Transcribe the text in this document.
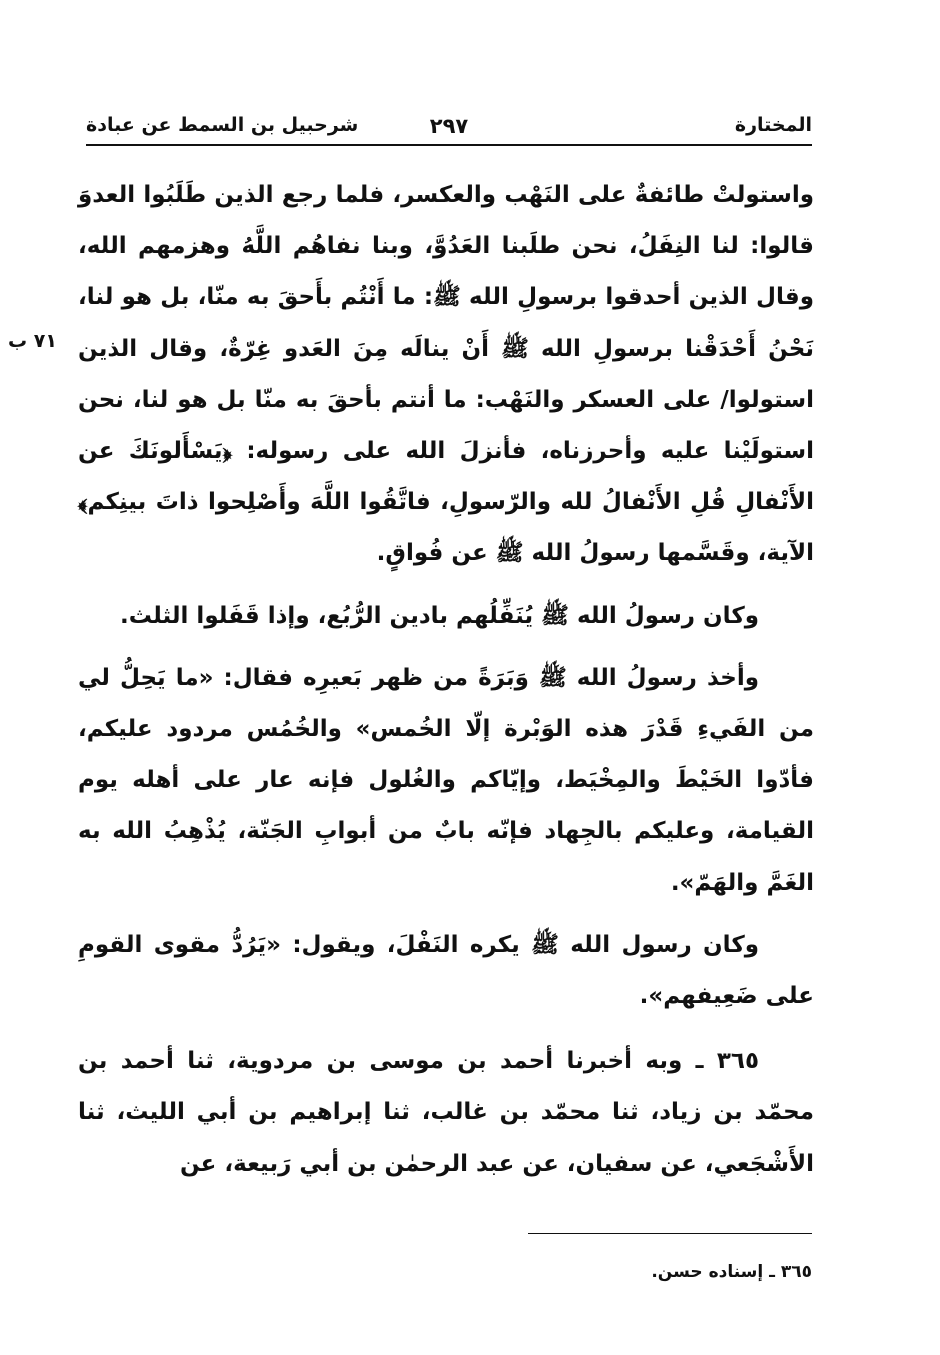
المختارة
٢٩٧
شرحبيل بن السمط عن عبادة
٧١ ب

واستولتْ طائفةٌ على النَهْب والعكسر، فلما رجع الذين طَلَبُوا العدوَ قالوا: لنا النِفَلُ، نحن طلَبنا العَدُوَّ، وبنا نفاهُم اللَّهُ وهزمهم الله، وقال الذين أحدقوا برسولِ الله ﷺ: ما أَنْتُم بأَحقَ به منّا، بل هو لنا، نَحْنُ أَحْدَقْنا برسولِ الله ﷺ أَنْ ينالَه مِنَ العَدو غِرّةٌ، وقال الذين استولوا/ على العسكر والنَهْب: ما أنتم بأحقَ به منّا بل هو لنا، نحن استولَيْنا عليه وأحرزناه، فأنزلَ الله على رسوله: ﴿يَسْأَلونَكَ عن الأَنْفالِ قُلِ الأَنْفالُ لله والرّسولِ، فاتَّقُوا اللَّهَ وأَصْلِحوا ذاتَ بينِكم﴾ الآية، وقَسَّمها رسولُ الله ﷺ عن فُواقٍ.

وكان رسولُ الله ﷺ يُنَفِّلُهم بادين الرُّبُع، وإذا قَفَلوا الثلث.

وأخذ رسولُ الله ﷺ وَبَرَةً من ظهر بَعيرِه فقال: «ما يَحِلُّ لي من الفَيءِ قَدْرَ هذه الوَبْرة إلّا الخُمس» والخُمُس مردود عليكم، فأدّوا الخَيْطَ والمِخْيَط، وإيّاكم والغُلول فإنه عار على أهله يوم القيامة، وعليكم بالجِهاد فإنّه بابٌ من أبوابِ الجَنّة، يُذْهِبُ الله به الغَمَّ والهَمّ».

وكان رسول الله ﷺ يكره النَفْلَ، ويقول: «يَرُدُّ مقوى القومِ على ضَعِيفهم».

٣٦٥ ـ وبه أخبرنا أحمد بن موسى بن مردوية، ثنا أحمد بن محمّد بن زياد، ثنا محمّد بن غالب، ثنا إبراهيم بن أبي الليث، ثنا الأَشْجَعي، عن سفيان، عن عبد الرحمٰن بن أبي رَبيعة، عن

٣٦٥ ـ إسناده حسن.
